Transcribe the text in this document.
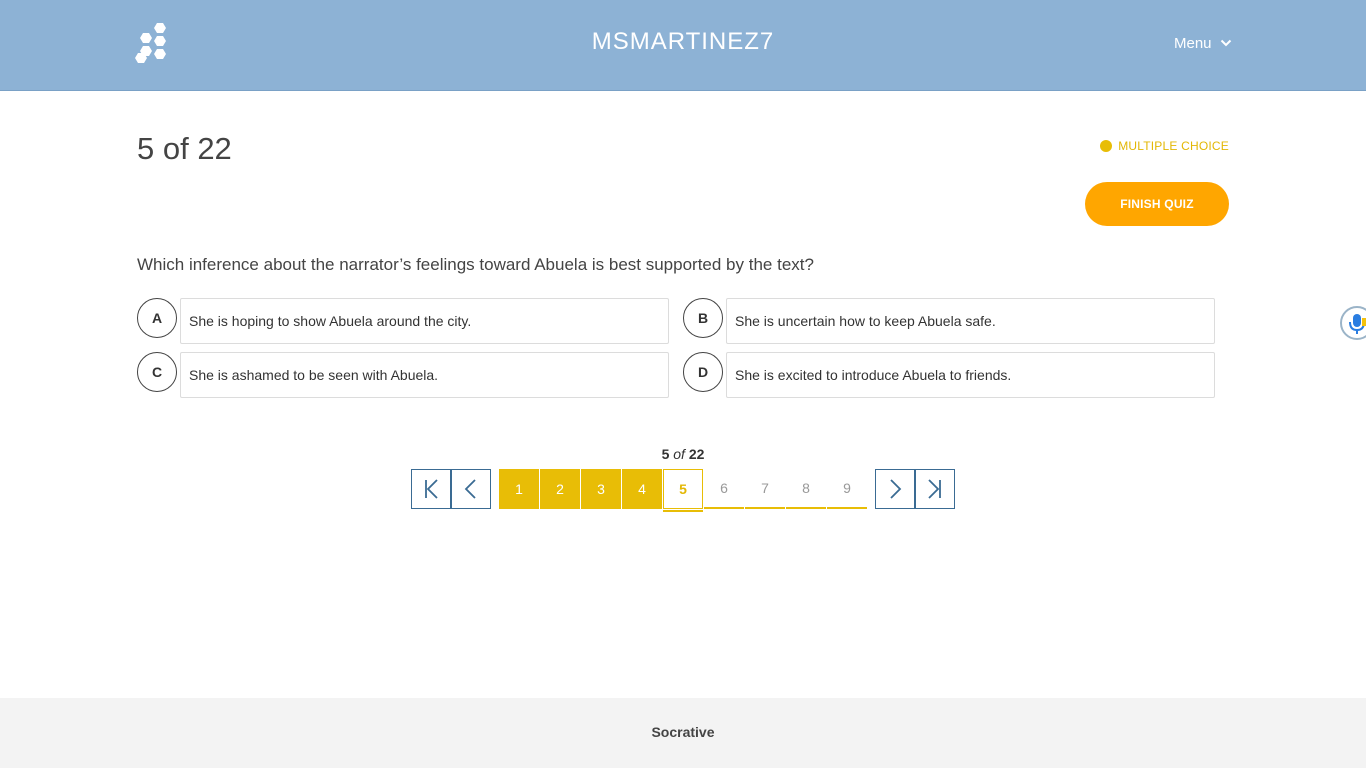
MSMARTINEZ7	Menu
5 of 22	MULTIPLE CHOICE
FINISH QUIZ
Which inference about the narrator’s feelings toward Abuela is best supported by the text?
A	She is hoping to show Abuela around the city.	B	She is uncertain how to keep Abuela safe.
C	She is ashamed to be seen with Abuela.	D	She is excited to introduce Abuela to friends.
5 of 22
1	2	3	4	5	6	7	8	9
Socrative
